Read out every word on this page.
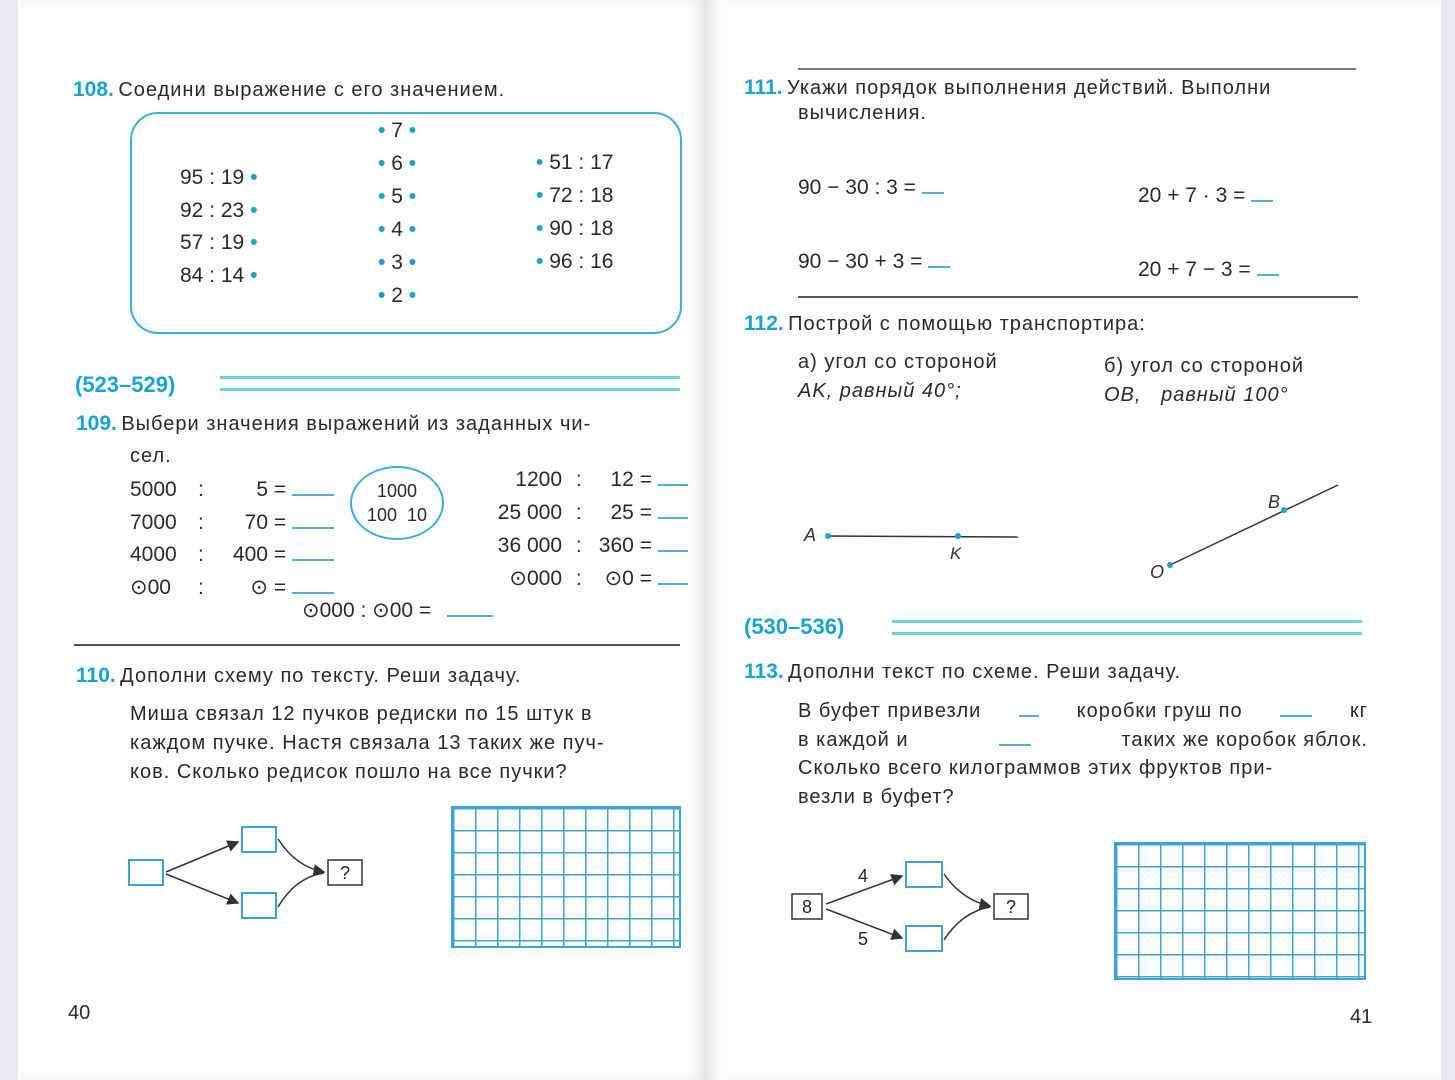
108. Соедини выражение с его значением.
95 : 19 •
92 : 23 •
57 : 19 •
84 : 14 •
• 7 •
• 6 •
• 5 •
• 4 •
• 3 •
• 2 •
• 51 : 17
• 72 : 18
• 90 : 18
• 96 : 16
(523–529)
109. Выбери значения выражений из заданных чи-
сел.
5000 : 5 =
7000 : 70 =
4000 : 400 =
⊙00 : ⊙ =
1000
100  10
1200 : 12 =
25 000 : 25 =
36 000 : 360 =
⊙000 : ⊙0 =
⊙000 : ⊙00 =
110. Дополни схему по тексту. Реши задачу.
Миша связал 12 пучков редиски по 15 штук в
каждом пучке. Настя связала 13 таких же пуч-
ков. Сколько редисок пошло на все пучки?
?
40
111. Укажи порядок выполнения действий. Выполни
вычисления.
90 − 30 : 3 =	20 + 7 · 3 =
90 − 30 + 3 =	20 + 7 − 3 =
112. Построй с помощью транспортира:
а) угол со стороной
AK, равный 40°;
б) угол со стороной
OB,   равный 100°
A
K
O
B
(530–536)
113. Дополни текст по схеме. Реши задачу.
В буфет привезли	коробки груш по	кг
в каждой и	таких же коробок яблок.
Сколько всего килограммов этих фруктов при-
везли в буфет?
8	?
4
5
41
